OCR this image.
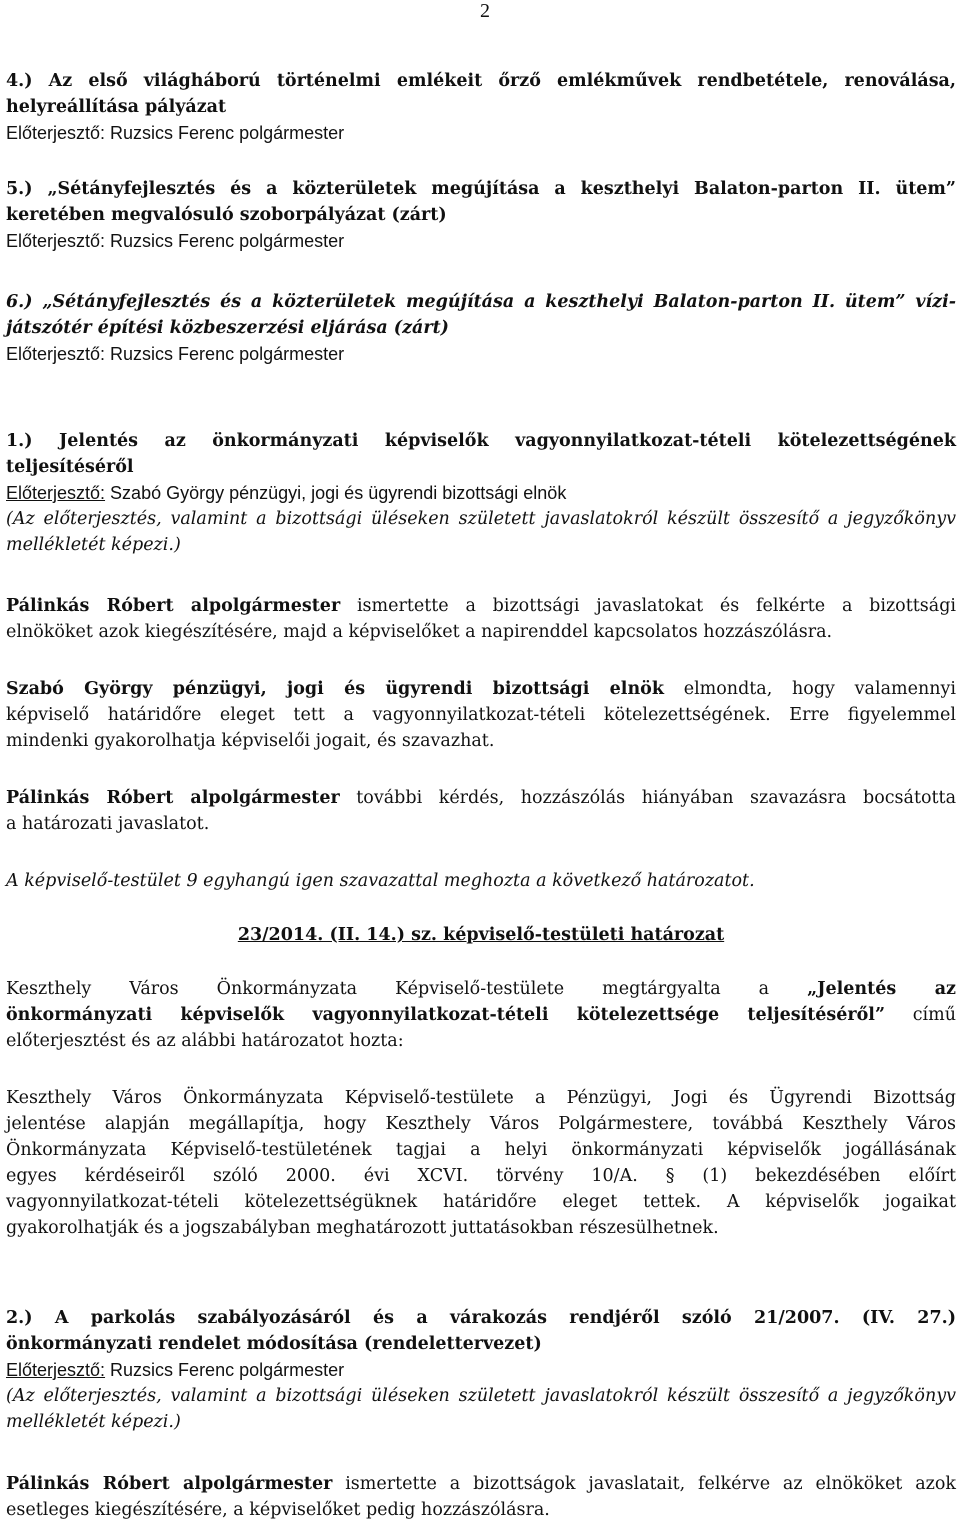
2
4.) Az első világháború történelmi emlékeit őrző emlékművek rendbetétele, renoválása,
helyreállítása pályázat
Előterjesztő: Ruzsics Ferenc polgármester
5.) „Sétányfejlesztés és a közterületek megújítása a keszthelyi Balaton-parton II. ütem”
keretében megvalósuló szoborpályázat (zárt)
Előterjesztő: Ruzsics Ferenc polgármester
6.) „Sétányfejlesztés és a közterületek megújítása a keszthelyi Balaton-parton II. ütem” vízi-
játszótér építési közbeszerzési eljárása (zárt)
Előterjesztő: Ruzsics Ferenc polgármester
1.) Jelentés az önkormányzati képviselők vagyonnyilatkozat-tételi kötelezettségének
teljesítéséről
Előterjesztő: Szabó György pénzügyi, jogi és ügyrendi bizottsági elnök
(Az előterjesztés, valamint a bizottsági üléseken született javaslatokról készült összesítő a jegyzőkönyv
mellékletét képezi.)
Pálinkás Róbert alpolgármester ismertette a bizottsági javaslatokat és felkérte a bizottsági
elnököket azok kiegészítésére, majd a képviselőket a napirenddel kapcsolatos hozzászólásra.
Szabó György pénzügyi, jogi és ügyrendi bizottsági elnök elmondta, hogy valamennyi
képviselő határidőre eleget tett a vagyonnyilatkozat-tételi kötelezettségének. Erre figyelemmel
mindenki gyakorolhatja képviselői jogait, és szavazhat.
Pálinkás Róbert alpolgármester további kérdés, hozzászólás hiányában szavazásra bocsátotta
a határozati javaslatot.
A képviselő-testület 9 egyhangú igen szavazattal meghozta a következő határozatot.
23/2014. (II. 14.) sz. képviselő-testületi határozat
Keszthely Város Önkormányzata Képviselő-testülete megtárgyalta a „Jelentés az
önkormányzati képviselők vagyonnyilatkozat-tételi kötelezettsége teljesítéséről” című
előterjesztést és az alábbi határozatot hozta:
Keszthely Város Önkormányzata Képviselő-testülete a Pénzügyi, Jogi és Ügyrendi Bizottság
jelentése alapján megállapítja, hogy Keszthely Város Polgármestere, továbbá Keszthely Város
Önkormányzata Képviselő-testületének tagjai a helyi önkormányzati képviselők jogállásának
egyes kérdéseiről szóló 2000. évi XCVI. törvény 10/A. § (1) bekezdésében előírt
vagyonnyilatkozat-tételi kötelezettségüknek határidőre eleget tettek. A képviselők jogaikat
gyakorolhatják és a jogszabályban meghatározott juttatásokban részesülhetnek.
2.) A parkolás szabályozásáról és a várakozás rendjéről szóló 21/2007. (IV. 27.)
önkormányzati rendelet módosítása (rendelettervezet)
Előterjesztő: Ruzsics Ferenc polgármester
(Az előterjesztés, valamint a bizottsági üléseken született javaslatokról készült összesítő a jegyzőkönyv
mellékletét képezi.)
Pálinkás Róbert alpolgármester ismertette a bizottságok javaslatait, felkérve az elnököket azok
esetleges kiegészítésére, a képviselőket pedig hozzászólásra.
